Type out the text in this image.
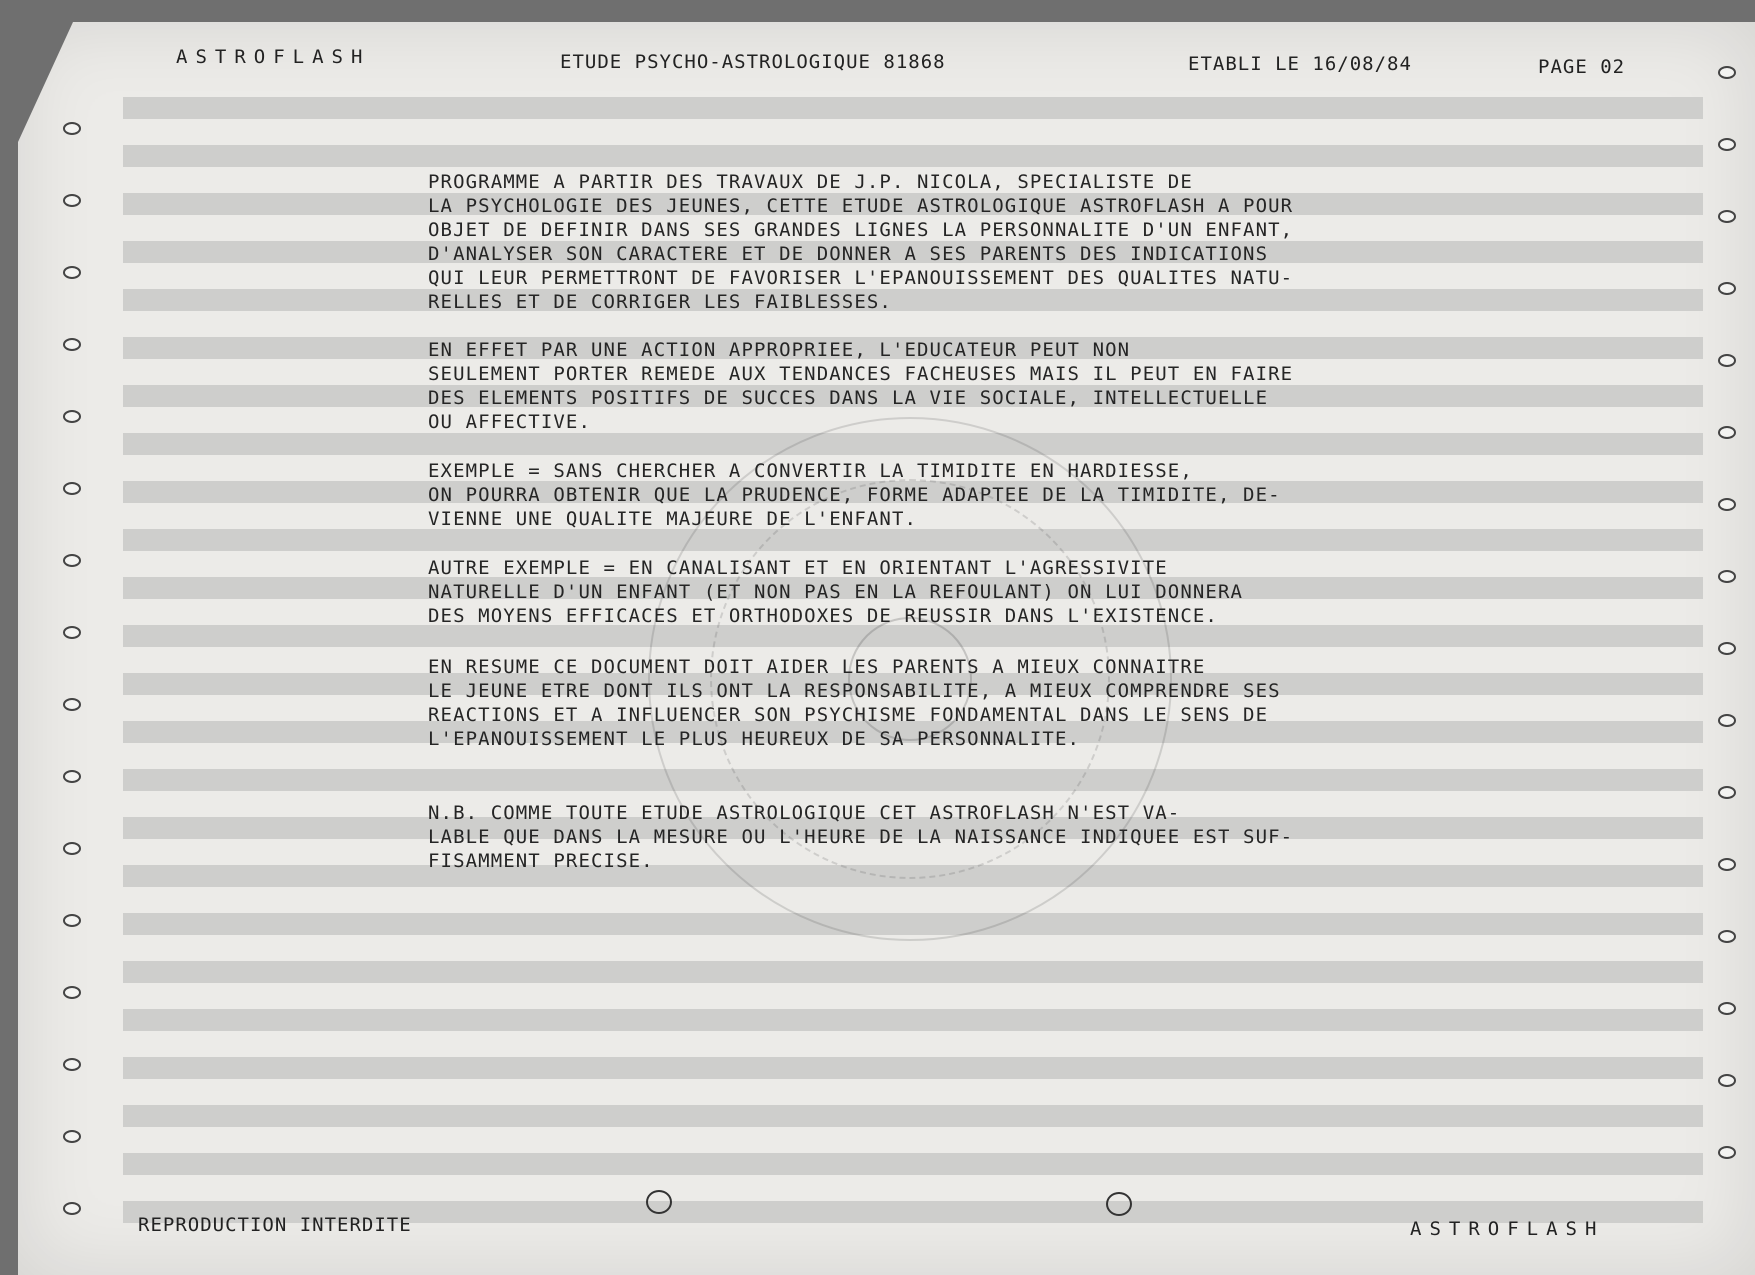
ASTROFLASH	ETUDE PSYCHO-ASTROLOGIQUE 81868	ETABLI LE 16/08/84	PAGE 02
PROGRAMME A PARTIR DES TRAVAUX DE J.P. NICOLA, SPECIALISTE DE
LA PSYCHOLOGIE DES JEUNES, CETTE ETUDE ASTROLOGIQUE ASTROFLASH A POUR
OBJET DE DEFINIR DANS SES GRANDES LIGNES LA PERSONNALITE D'UN ENFANT,
D'ANALYSER SON CARACTERE ET DE DONNER A SES PARENTS DES INDICATIONS
QUI LEUR PERMETTRONT DE FAVORISER L'EPANOUISSEMENT DES QUALITES NATU-
RELLES ET DE CORRIGER LES FAIBLESSES.
EN EFFET PAR UNE ACTION APPROPRIEE, L'EDUCATEUR PEUT NON
SEULEMENT PORTER REMEDE AUX TENDANCES FACHEUSES MAIS IL PEUT EN FAIRE
DES ELEMENTS POSITIFS DE SUCCES DANS LA VIE SOCIALE, INTELLECTUELLE
OU AFFECTIVE.
EXEMPLE = SANS CHERCHER A CONVERTIR LA TIMIDITE EN HARDIESSE,
ON POURRA OBTENIR QUE LA PRUDENCE, FORME ADAPTEE DE LA TIMIDITE, DE-
VIENNE UNE QUALITE MAJEURE DE L'ENFANT.
AUTRE EXEMPLE = EN CANALISANT ET EN ORIENTANT L'AGRESSIVITE
NATURELLE D'UN ENFANT (ET NON PAS EN LA REFOULANT) ON LUI DONNERA
DES MOYENS EFFICACES ET ORTHODOXES DE REUSSIR DANS L'EXISTENCE.
EN RESUME CE DOCUMENT DOIT AIDER LES PARENTS A MIEUX CONNAITRE
LE JEUNE ETRE DONT ILS ONT LA RESPONSABILITE, A MIEUX COMPRENDRE SES
REACTIONS ET A INFLUENCER SON PSYCHISME FONDAMENTAL DANS LE SENS DE
L'EPANOUISSEMENT LE PLUS HEUREUX DE SA PERSONNALITE.
N.B. COMME TOUTE ETUDE ASTROLOGIQUE CET ASTROFLASH N'EST VA-
LABLE QUE DANS LA MESURE OU L'HEURE DE LA NAISSANCE INDIQUEE EST SUF-
FISAMMENT PRECISE.
REPRODUCTION INTERDITE	ASTROFLASH
